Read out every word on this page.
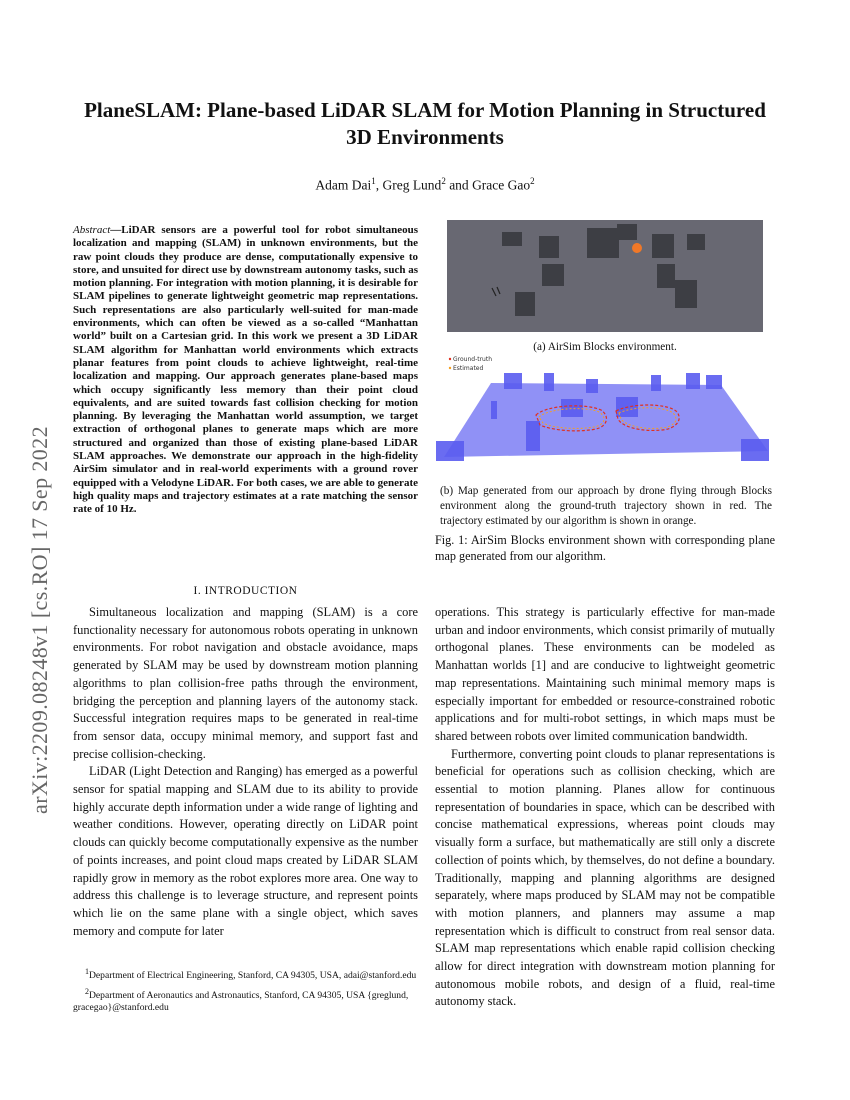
arXiv:2209.08248v1 [cs.RO] 17 Sep 2022
PlaneSLAM: Plane-based LiDAR SLAM for Motion Planning in Structured 3D Environments
Adam Dai$^1$, Greg Lund$^2$ and Grace Gao$^2$
Abstract—LiDAR sensors are a powerful tool for robot simultaneous localization and mapping (SLAM) in unknown environments, but the raw point clouds they produce are dense, computationally expensive to store, and unsuited for direct use by downstream autonomy tasks, such as motion planning. For integration with motion planning, it is desirable for SLAM pipelines to generate lightweight geometric map representations. Such representations are also particularly well-suited for man-made environments, which can often be viewed as a so-called “Manhattan world” built on a Cartesian grid. In this work we present a 3D LiDAR SLAM algorithm for Manhattan world environments which extracts planar features from point clouds to achieve lightweight, real-time localization and mapping. Our approach generates plane-based maps which occupy significantly less memory than their point cloud equivalents, and are suited towards fast collision checking for motion planning. By leveraging the Manhattan world assumption, we target extraction of orthogonal planes to generate maps which are more structured and organized than those of existing plane-based LiDAR SLAM approaches. We demonstrate our approach in the high-fidelity AirSim simulator and in real-world experiments with a ground rover equipped with a Velodyne LiDAR. For both cases, we are able to generate high quality maps and trajectory estimates at a rate matching the sensor rate of 10 Hz.
(a) AirSim Blocks environment.
Ground-truth
Estimated
(b) Map generated from our approach by drone flying through Blocks environment along the ground-truth trajectory shown in red. The trajectory estimated by our algorithm is shown in orange.
Fig. 1: AirSim Blocks environment shown with corresponding plane map generated from our algorithm.
I. INTRODUCTION

Simultaneous localization and mapping (SLAM) is a core functionality necessary for autonomous robots operating in unknown environments. For robot navigation and obstacle avoidance, maps generated by SLAM may be used by downstream motion planning algorithms to plan collision-free paths through the environment, bridging the perception and planning layers of the autonomy stack. Successful integration requires maps to be generated in real-time from sensor data, occupy minimal memory, and support fast and precise collision-checking.

LiDAR (Light Detection and Ranging) has emerged as a powerful sensor for spatial mapping and SLAM due to its ability to provide highly accurate depth information under a wide range of lighting and weather conditions. However, operating directly on LiDAR point clouds can quickly become computationally expensive as the number of points increases, and point cloud maps created by LiDAR SLAM rapidly grow in memory as the robot explores more area. One way to address this challenge is to leverage structure, and represent points which lie on the same plane with a single object, which saves memory and compute for later

$^1$Department of Electrical Engineering, Stanford, CA 94305, USA, adai@stanford.edu

$^2$Department of Aeronautics and Astronautics, Stanford, CA 94305, USA {greglund, gracegao}@stanford.edu

operations. This strategy is particularly effective for man-made urban and indoor environments, which consist primarily of mutually orthogonal planes. These environments can be modeled as Manhattan worlds [1] and are conducive to lightweight geometric map representations. Maintaining such minimal memory maps is especially important for embedded or resource-constrained robotic applications and for multi-robot settings, in which maps must be shared between robots over limited communication bandwidth.

Furthermore, converting point clouds to planar representations is beneficial for operations such as collision checking, which are essential to motion planning. Planes allow for continuous representation of boundaries in space, which can be described with concise mathematical expressions, whereas point clouds may visually form a surface, but mathematically are still only a discrete collection of points which, by themselves, do not define a boundary. Traditionally, mapping and planning algorithms are designed separately, where maps produced by SLAM may not be compatible with motion planners, and planners may assume a map representation which is difficult to construct from real sensor data. SLAM map representations which enable rapid collision checking allow for direct integration with downstream motion planning for autonomous mobile robots, and design of a fluid, real-time autonomy stack.
